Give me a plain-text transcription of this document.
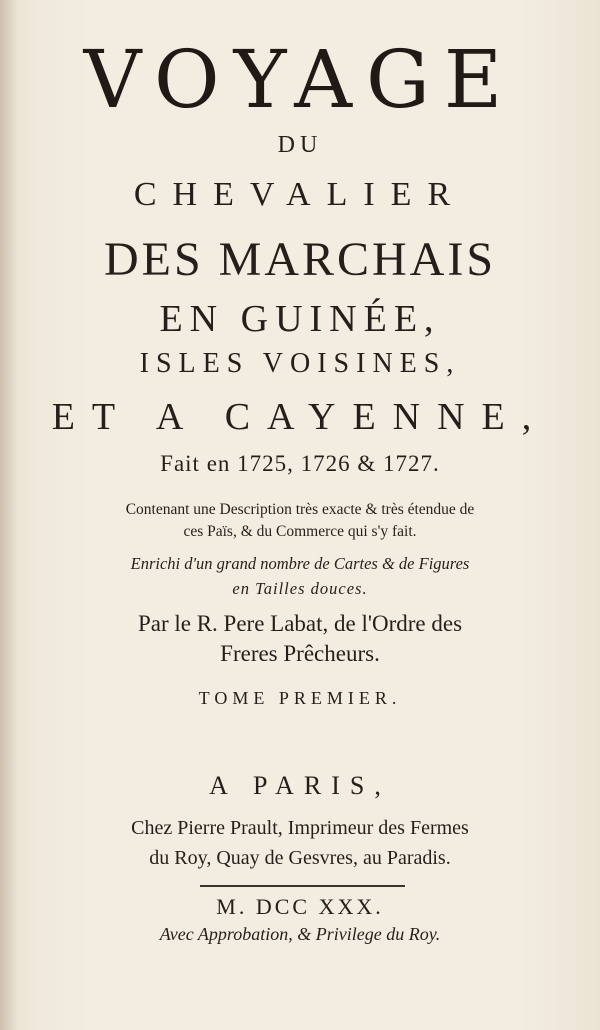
VOYAGE
DU
CHEVALIER
DES MARCHAIS
EN GUINÉE,
ISLES VOISINES,
ET A CAYENNE,
Fait en 1725, 1726 & 1727.
Contenant une Description très exacte & très étendue de
ces Païs, & du Commerce qui s'y fait.
Enrichi d'un grand nombre de Cartes & de Figures
en Tailles douces.
Par le R. Pere Labat, de l'Ordre des
Freres Prêcheurs.
TOME PREMIER.
A PARIS,
Chez Pierre Prault, Imprimeur des Fermes
du Roy, Quay de Gesvres, au Paradis.
M. DCC XXX.
Avec Approbation, & Privilege du Roy.
